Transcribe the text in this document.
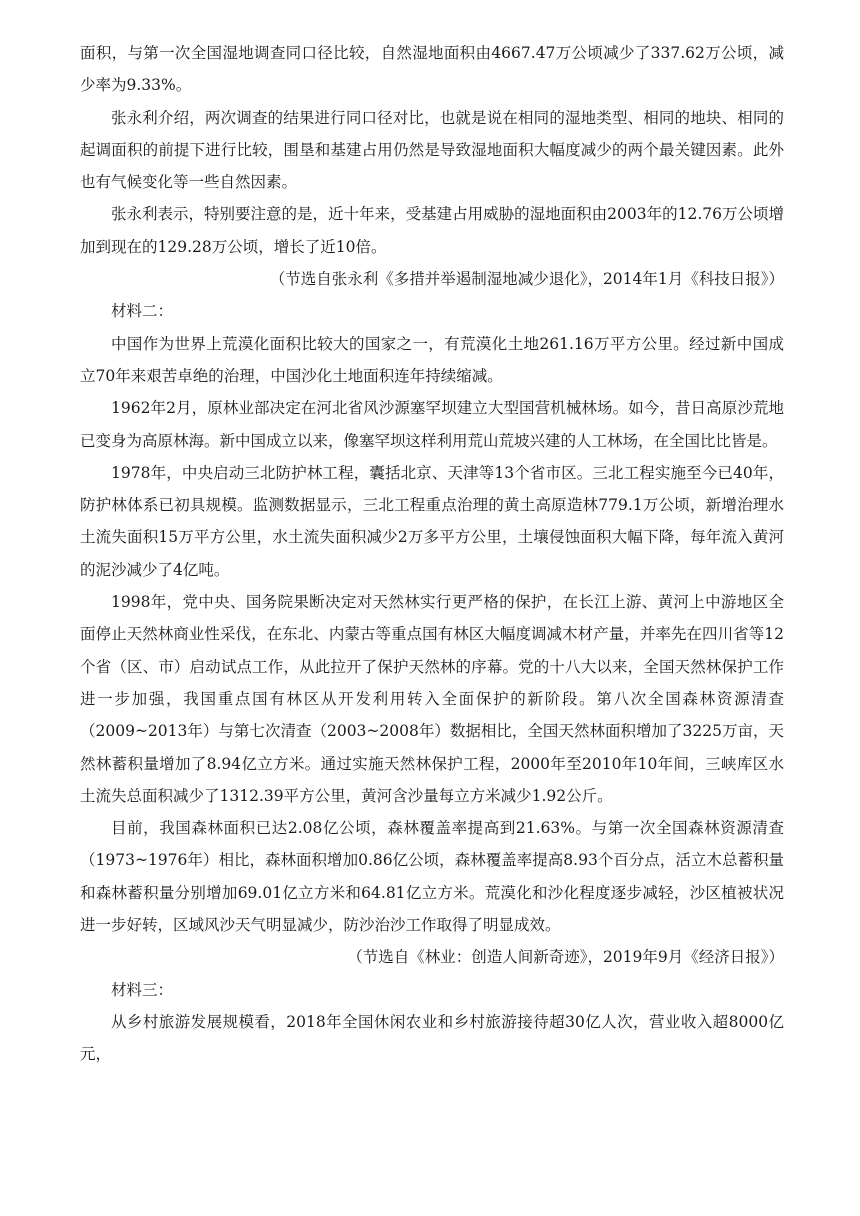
面积，与第一次全国湿地调查同口径比较，自然湿地面积由4667.47万公顷减少了337.62万公顷，减少率为9.33%。

张永利介绍，两次调查的结果进行同口径对比，也就是说在相同的湿地类型、相同的地块、相同的起调面积的前提下进行比较，围垦和基建占用仍然是导致湿地面积大幅度减少的两个最关键因素。此外也有气候变化等一些自然因素。

张永利表示，特别要注意的是，近十年来，受基建占用威胁的湿地面积由2003年的12.76万公顷增加到现在的129.28万公顷，增长了近10倍。

（节选自张永利《多措并举遏制湿地减少退化》，2014年1月《科技日报》）

材料二：

中国作为世界上荒漠化面积比较大的国家之一，有荒漠化土地261.16万平方公里。经过新中国成立70年来艰苦卓绝的治理，中国沙化土地面积连年持续缩减。

1962年2月，原林业部决定在河北省风沙源塞罕坝建立大型国营机械林场。如今，昔日高原沙荒地已变身为高原林海。新中国成立以来，像塞罕坝这样利用荒山荒坡兴建的人工林场，在全国比比皆是。

1978年，中央启动三北防护林工程，囊括北京、天津等13个省市区。三北工程实施至今已40年，防护林体系已初具规模。监测数据显示，三北工程重点治理的黄土高原造林779.1万公顷，新增治理水土流失面积15万平方公里，水土流失面积减少2万多平方公里，土壤侵蚀面积大幅下降，每年流入黄河的泥沙减少了4亿吨。

1998年，党中央、国务院果断决定对天然林实行更严格的保护，在长江上游、黄河上中游地区全面停止天然林商业性采伐，在东北、内蒙古等重点国有林区大幅度调减木材产量，并率先在四川省等12个省（区、市）启动试点工作，从此拉开了保护天然林的序幕。党的十八大以来，全国天然林保护工作进一步加强，我国重点国有林区从开发利用转入全面保护的新阶段。第八次全国森林资源清查（2009~2013年）与第七次清查（2003~2008年）数据相比，全国天然林面积增加了3225万亩，天然林蓄积量增加了8.94亿立方米。通过实施天然林保护工程，2000年至2010年10年间，三峡库区水土流失总面积减少了1312.39平方公里，黄河含沙量每立方米减少1.92公斤。

目前，我国森林面积已达2.08亿公顷，森林覆盖率提高到21.63%。与第一次全国森林资源清查（1973~1976年）相比，森林面积增加0.86亿公顷，森林覆盖率提高8.93个百分点，活立木总蓄积量和森林蓄积量分别增加69.01亿立方米和64.81亿立方米。荒漠化和沙化程度逐步减轻，沙区植被状况进一步好转，区域风沙天气明显减少，防沙治沙工作取得了明显成效。

（节选自《林业：创造人间新奇迹》，2019年9月《经济日报》）

材料三：

从乡村旅游发展规模看，2018年全国休闲农业和乡村旅游接待超30亿人次，营业收入超8000亿元，
